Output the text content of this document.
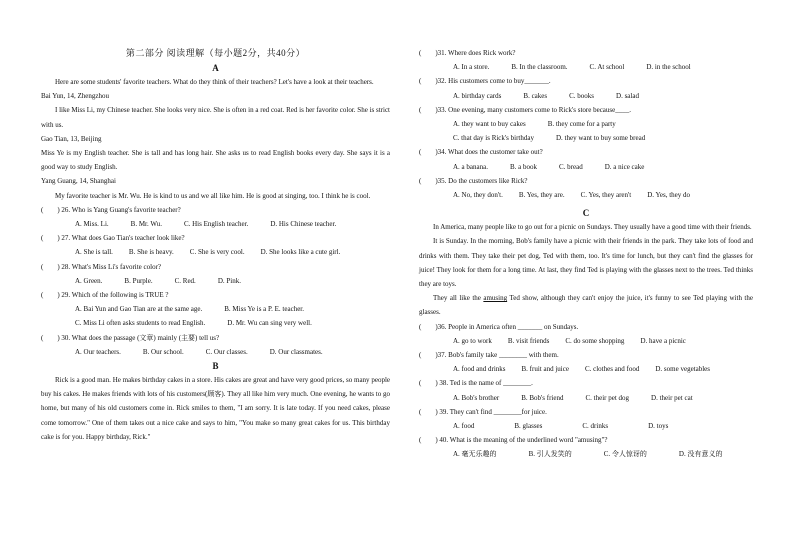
第二部分 阅读理解（每小题2分，共40分）
A
Here are some students' favorite teachers. What do they think of their teachers? Let's have a look at their teachers.
Bai Yun, 14, Zhengzhou
I like Miss Li, my Chinese teacher. She looks very nice. She is often in a red coat. Red is her favorite color. She is strict with us.
Gao Tian, 13, Beijing
Miss Ye is my English teacher. She is tall and has long hair. She asks us to read English books every day. She says it is a good way to study English.
Yang Guang, 14, Shanghai
My favorite teacher is Mr. Wu. He is kind to us and we all like him. He is good at singing, too. I think he is cool.
(　　) 26. Who is Yang Guang's favorite teacher?
A. Miss. Li.	B. Mr. Wu.	C. His English teacher.	D. His Chinese teacher.
(　　) 27. What does Gao Tian's teacher look like?
A. She is tall. B. She is heavy. C. She is very cool. D. She looks like a cute girl.
(　　) 28. What's Miss Li's favorite color?
A. Green.	B. Purple.	C. Red.	D. Pink.
(　　) 29. Which of the following is TRUE ?
A. Bai Yun and Gao Tian are at the same age.	B. Miss Ye is a P. E. teacher.
C. Miss Li often asks students to read English.	D. Mr. Wu can sing very well.
(　　) 30. What does the passage (文章) mainly (主要) tell us?
A. Our teachers.	B. Our school.	C. Our classes.	D. Our classmates.
B
Rick is a good man. He makes birthday cakes in a store. His cakes are great and have very good prices, so many people buy his cakes. He makes friends with lots of his customers(顾客). They all like him very much. One evening, he wants to go home, but many of his old customers come in. Rick smiles to them, "I am sorry. It is late today. If you need cakes, please come tomorrow." One of them takes out a nice cake and says to him, "You make so many great cakes for us. This birthday cake is for you. Happy birthday, Rick."
(　　)31. Where does Rick work?
A. In a store.	B. In the classroom.	C. At school	D. in the school
(　　)32. His customers come to buy_______.
A. birthday cards	B. cakes	C. books	D. salad
(　　)33. One evening, many customers come to Rick's store because____.
A. they want to buy cakes	B. they come for a party
C. that day is Rick's birthday	D. they want to buy some bread
(　　)34. What does the customer take out?
A. a banana.	B. a book	C. bread	D. a nice cake
(　　)35. Do the customers like Rick?
A. No, they don't. B. Yes, they are. C. Yes, they aren't D. Yes, they do
C
In America, many people like to go out for a picnic on Sundays. They usually have a good time with their friends.
It is Sunday. In the morning, Bob's family have a picnic with their friends in the park. They take lots of food and drinks with them. They take their pet dog, Ted with them, too. It's time for lunch, but they can't find the glasses for juice! They look for them for a long time. At last, they find Ted is playing with the glasses next to the trees. Ted thinks they are toys.
They all like the amusing Ted show, although they can't enjoy the juice, it's funny to see Ted playing with the glasses.
(　　)36. People in America often _______ on Sundays.
A. go to work B. visit friends C. do some shopping D. have a picnic
(　　)37. Bob's family take ________ with them.
A. food and drinks B. fruit and juice C. clothes and food D. some vegetables
(　　) 38. Ted is the name of ________.
A. Bob's brother	B. Bob's friend	C. their pet dog	D. their pet cat
(　　) 39. They can't find ________for juice.
A. food	B. glasses	C. drinks	D. toys
(　　) 40. What is the meaning of the underlined word "amusing"?
A. 毫无乐趣的	B. 引人发笑的	C. 令人惊讶的	D. 没有意义的
